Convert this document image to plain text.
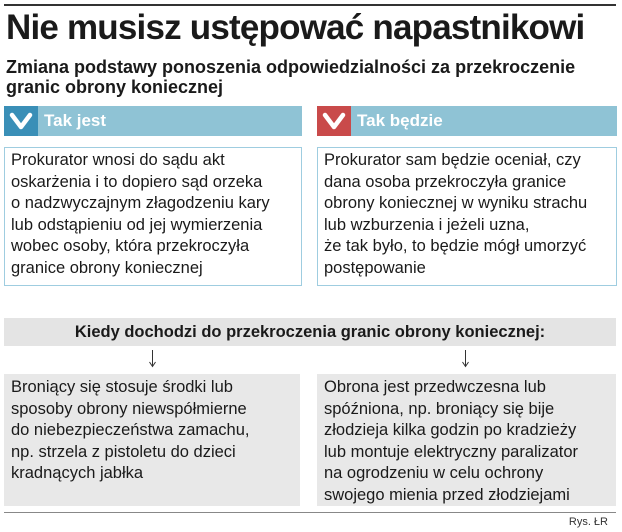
Nie musisz ustępować napastnikowi
Zmiana podstawy ponoszenia odpowiedzialności za przekroczenie
granic obrony koniecznej
Tak jest
Prokurator wnosi do sądu akt
oskarżenia i to dopiero sąd orzeka
o nadzwyczajnym złagodzeniu kary
lub odstąpieniu od jej wymierzenia
wobec osoby, która przekroczyła
granice obrony koniecznej
Tak będzie
Prokurator sam będzie oceniał, czy
dana osoba przekroczyła granice
obrony koniecznej w wyniku strachu
lub wzburzenia i jeżeli uzna,
że tak było, to będzie mógł umorzyć
postępowanie
Kiedy dochodzi do przekroczenia granic obrony koniecznej:
Broniący się stosuje środki lub
sposoby obrony niewspółmierne
do niebezpieczeństwa zamachu,
np. strzela z pistoletu do dzieci
kradnących jabłka
Obrona jest przedwczesna lub
spóźniona, np. broniący się bije
złodzieja kilka godzin po kradzieży
lub montuje elektryczny paralizator
na ogrodzeniu w celu ochrony
swojego mienia przed złodziejami
Rys. ŁR
